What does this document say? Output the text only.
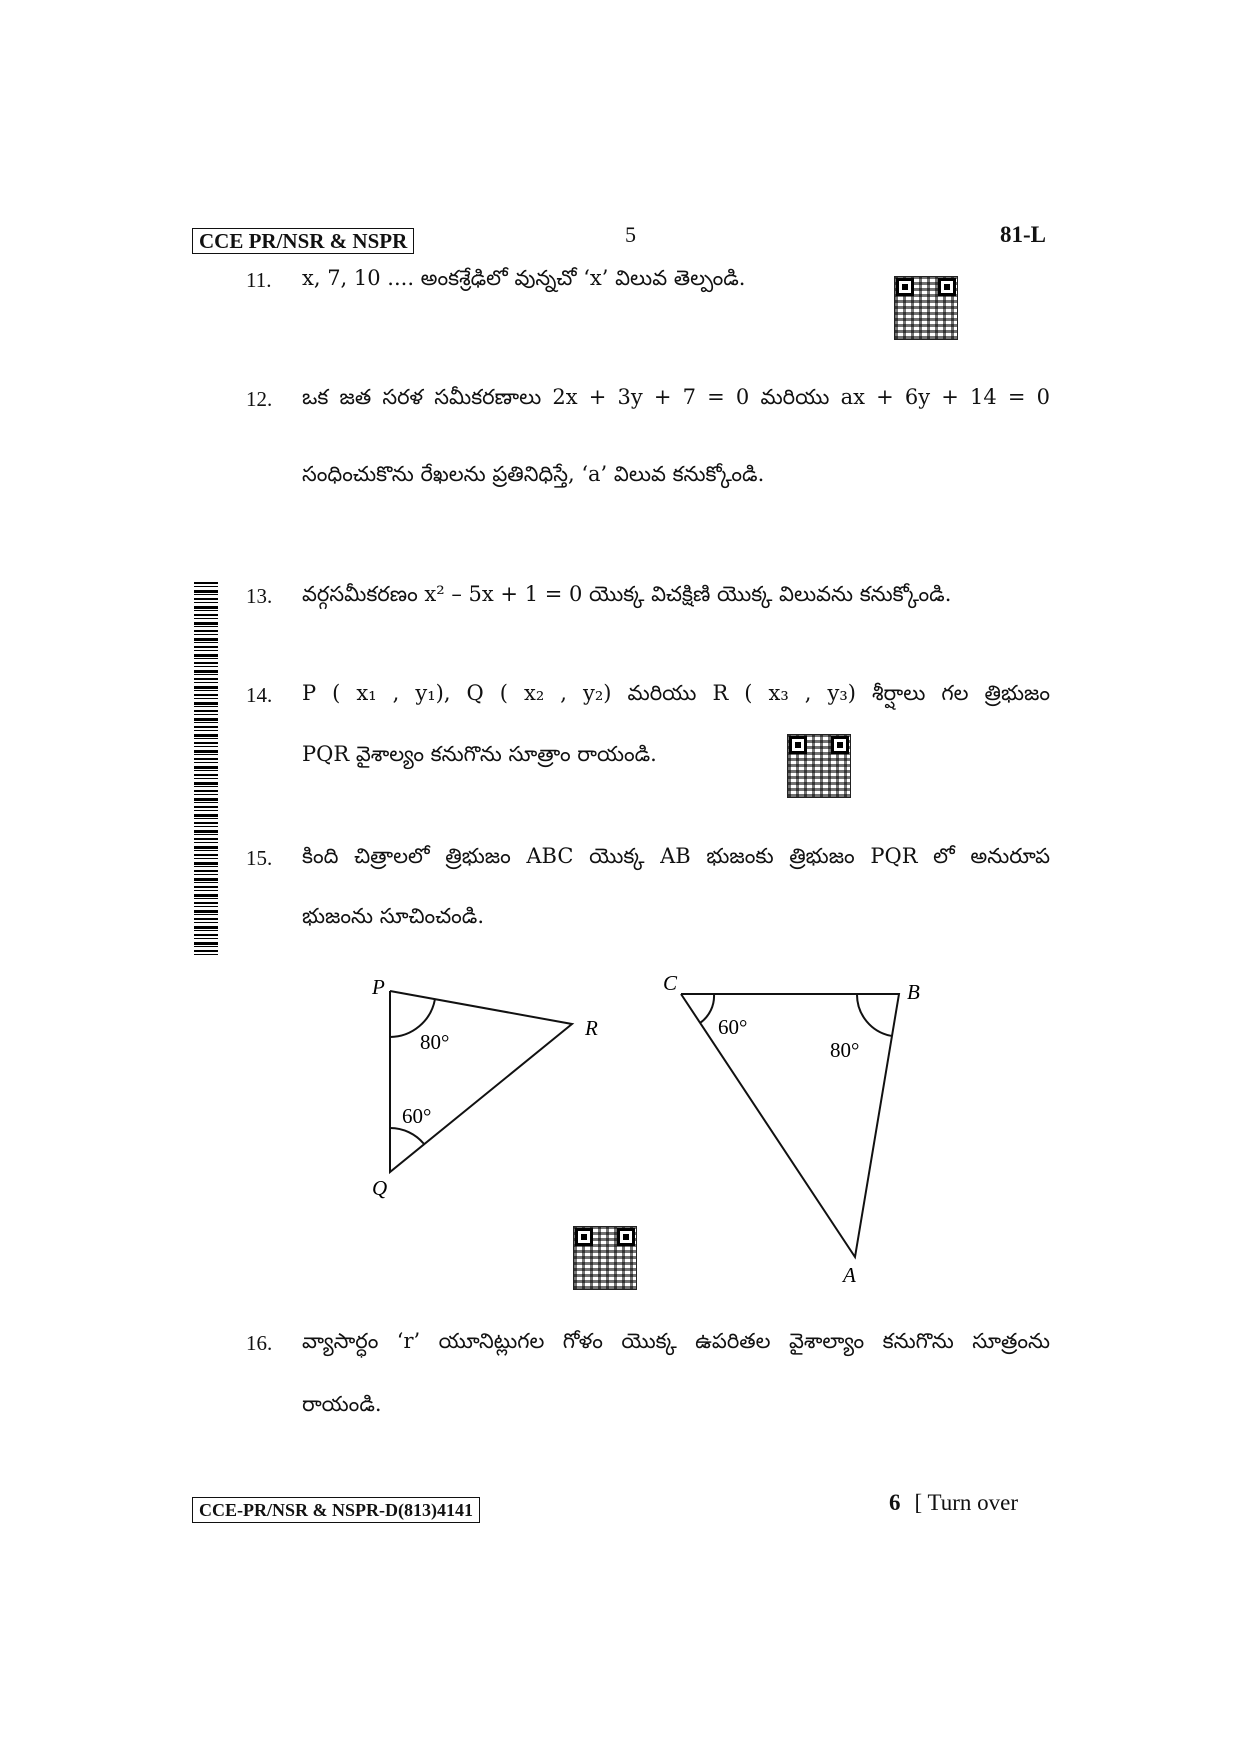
CCE PR/NSR & NSPR	5	81-L
11. x, 7, 10 .... అంకశ్రేఢిలో వున్నచో ‘x’ విలువ తెల్పండి.
12. ఒక జత సరళ సమీకరణాలు 2x + 3y + 7 = 0 మరియు ax + 6y + 14 = 0
సంధించుకొను రేఖలను ప్రతినిధిస్తే, ‘a’ విలువ కనుక్కోండి.
13. వర్గసమీకరణం x² – 5x + 1 = 0 యొక్క విచక్షిణి యొక్క విలువను కనుక్కోండి.
14. P ( x₁ , y₁), Q ( x₂ , y₂) మరియు R ( x₃ , y₃) శీర్షాలు గల త్రిభుజం
PQR వైశాల్యం కనుగొను సూత్రాం రాయండి.
15. కింది చిత్రాలలో త్రిభుజం ABC యొక్క AB భుజంకు త్రిభుజం PQR లో అనురూప
భుజంను సూచించండి.
P
Q
R
80°
60°
C	B
A
60°
80°
16. వ్యాసార్ధం ‘r’ యూనిట్లుగల గోళం యొక్క ఉపరితల వైశాల్యాం కనుగొను సూత్రంను
రాయండి.
CCE-PR/NSR & NSPR-D(813)4141	6 [ Turn over
